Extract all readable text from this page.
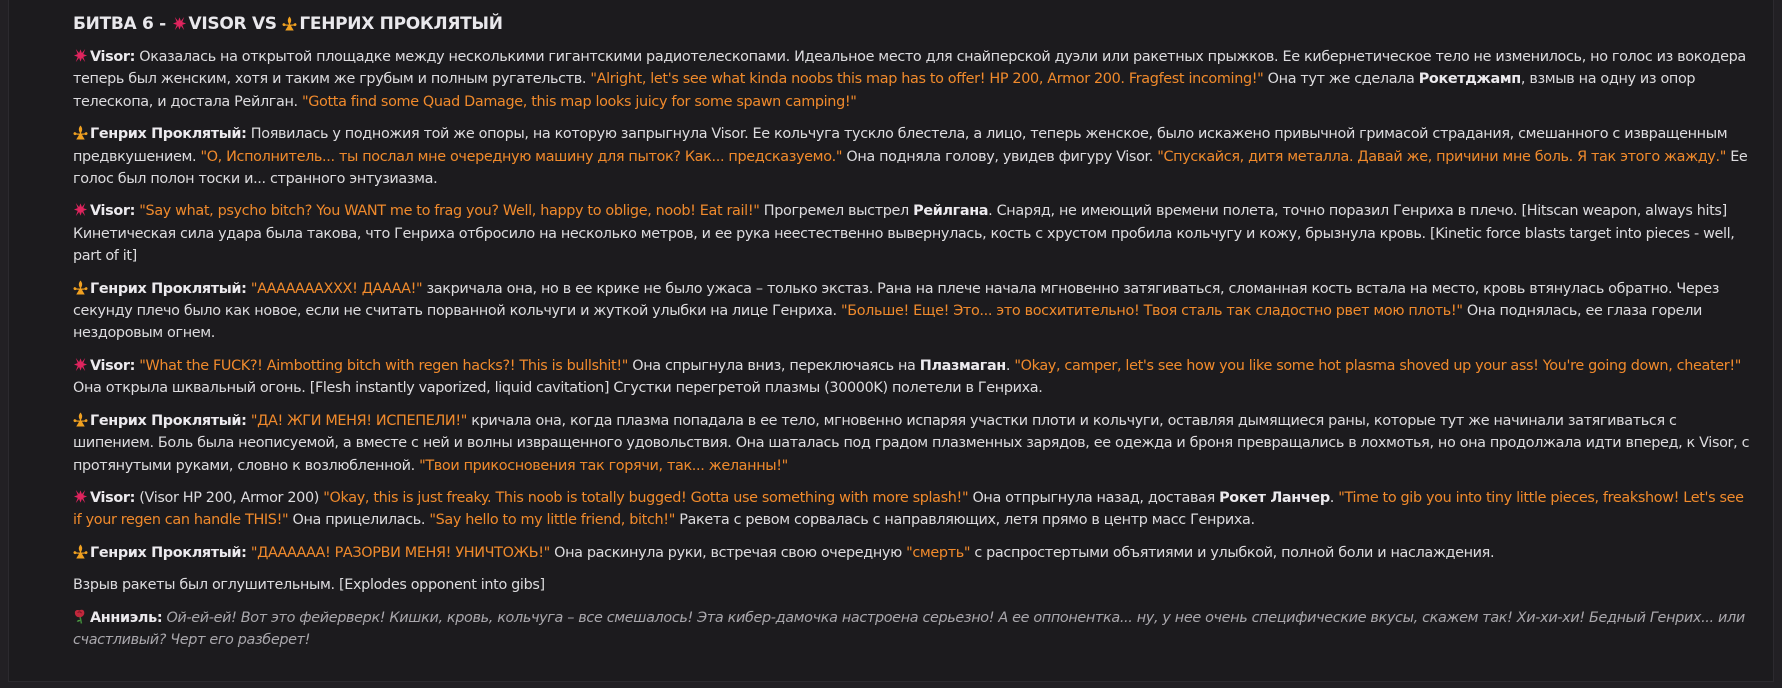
БИТВА 6 -
VISOR VS
ГЕНРИХ ПРОКЛЯТЫЙ
Visor: Оказалась на открытой площадке между несколькими гигантскими радиотелескопами. Идеальное место для снайперской дуэли или ракетных прыжков. Ее кибернетическое тело не изменилось, но голос из вокодера теперь был женским, хотя и таким же грубым и полным ругательств. "Alright, let's see what kinda noobs this map has to offer! HP 200, Armor 200. Fragfest incoming!" Она тут же сделала Рокетджамп, взмыв на одну из опор телескопа, и достала Рейлган. "Gotta find some Quad Damage, this map looks juicy for some spawn camping!"
Генрих Проклятый: Появилась у подножия той же опоры, на которую запрыгнула Visor. Ее кольчуга тускло блестела, а лицо, теперь женское, было искажено привычной гримасой страдания, смешанного с извращенным предвкушением. "О, Исполнитель... ты послал мне очередную машину для пыток? Как... предсказуемо." Она подняла голову, увидев фигуру Visor. "Спускайся, дитя металла. Давай же, причини мне боль. Я так этого жажду." Ее голос был полон тоски и... странного энтузиазма.
Visor: "Say what, psycho bitch? You WANT me to frag you? Well, happy to oblige, noob! Eat rail!" Прогремел выстрел Рейлгана. Снаряд, не имеющий времени полета, точно поразил Генриха в плечо. [Hitscan weapon, always hits] Кинетическая сила удара была такова, что Генриха отбросило на несколько метров, и ее рука неестественно вывернулась, кость с хрустом пробила кольчугу и кожу, брызнула кровь. [Kinetic force blasts target into pieces - well, part of it]
Генрих Проклятый: "АААААААХХХ! ДАААА!" закричала она, но в ее крике не было ужаса – только экстаз. Рана на плече начала мгновенно затягиваться, сломанная кость встала на место, кровь втянулась обратно. Через секунду плечо было как новое, если не считать порванной кольчуги и жуткой улыбки на лице Генриха. "Больше! Еще! Это... это восхитительно! Твоя сталь так сладостно рвет мою плоть!" Она поднялась, ее глаза горели нездоровым огнем.
Visor: "What the FUCK?! Aimbotting bitch with regen hacks?! This is bullshit!" Она спрыгнула вниз, переключаясь на Плазмаган. "Okay, camper, let's see how you like some hot plasma shoved up your ass! You're going down, cheater!" Она открыла шквальный огонь. [Flesh instantly vaporized, liquid cavitation] Сгустки перегретой плазмы (30000K) полетели в Генриха.
Генрих Проклятый: "ДА! ЖГИ МЕНЯ! ИСПЕПЕЛИ!" кричала она, когда плазма попадала в ее тело, мгновенно испаряя участки плоти и кольчуги, оставляя дымящиеся раны, которые тут же начинали затягиваться с шипением. Боль была неописуемой, а вместе с ней и волны извращенного удовольствия. Она шаталась под градом плазменных зарядов, ее одежда и броня превращались в лохмотья, но она продолжала идти вперед, к Visor, с протянутыми руками, словно к возлюбленной. "Твои прикосновения так горячи, так... желанны!"
Visor: (Visor HP 200, Armor 200) "Okay, this is just freaky. This noob is totally bugged! Gotta use something with more splash!" Она отпрыгнула назад, доставая Рокет Ланчер. "Time to gib you into tiny little pieces, freakshow! Let's see if your regen can handle THIS!" Она прицелилась. "Say hello to my little friend, bitch!" Ракета с ревом сорвалась с направляющих, летя прямо в центр масс Генриха.
Генрих Проклятый: "ДАААААА! РАЗОРВИ МЕНЯ! УНИЧТОЖЬ!" Она раскинула руки, встречая свою очередную "смерть" с распростертыми объятиями и улыбкой, полной боли и наслаждения.
Взрыв ракеты был оглушительным. [Explodes opponent into gibs]
Анниэль: Ой-ей-ей! Вот это фейерверк! Кишки, кровь, кольчуга – все смешалось! Эта кибер-дамочка настроена серьезно! А ее оппонентка... ну, у нее очень специфические вкусы, скажем так! Хи-хи-хи! Бедный Генрих... или счастливый? Черт его разберет!
